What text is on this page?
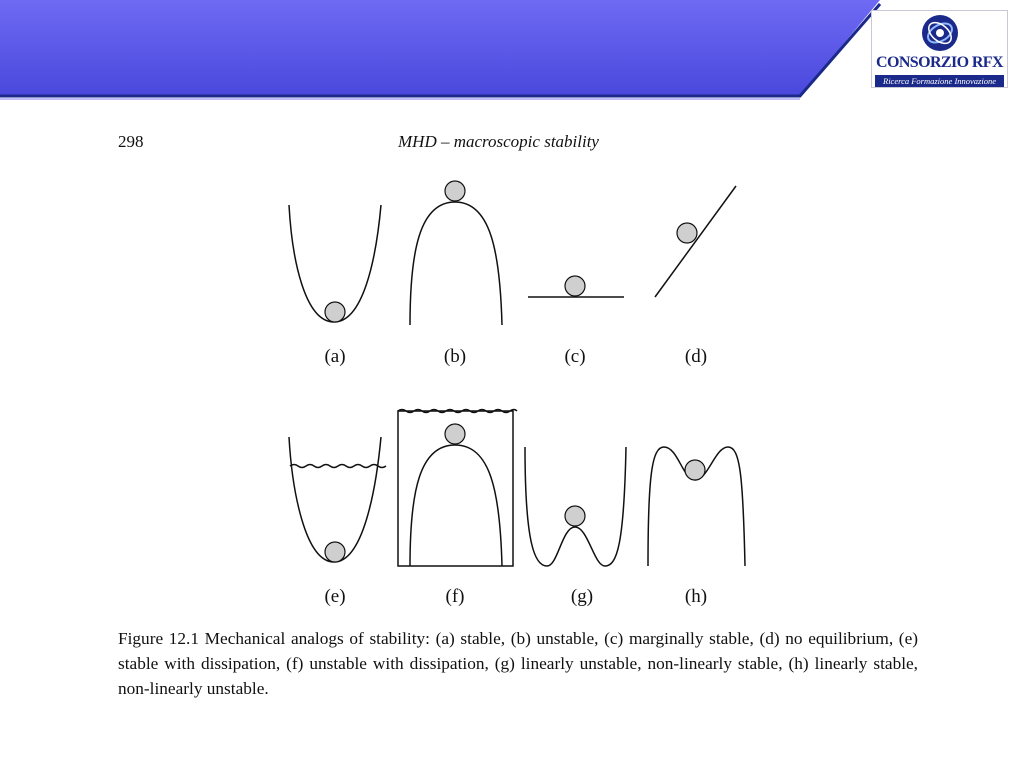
CONSORZIO RFX
Ricerca Formazione Innovazione
298	MHD – macroscopic stability
(a)	(b)	(c)	(d)
(e)	(f)	(g)	(h)
Figure 12.1 Mechanical analogs of stability: (a) stable, (b) unstable, (c) marginally stable, (d) no equilibrium, (e) stable with dissipation, (f) unstable with dissipation, (g) linearly unstable, non-linearly stable, (h) linearly stable, non-linearly unstable.
